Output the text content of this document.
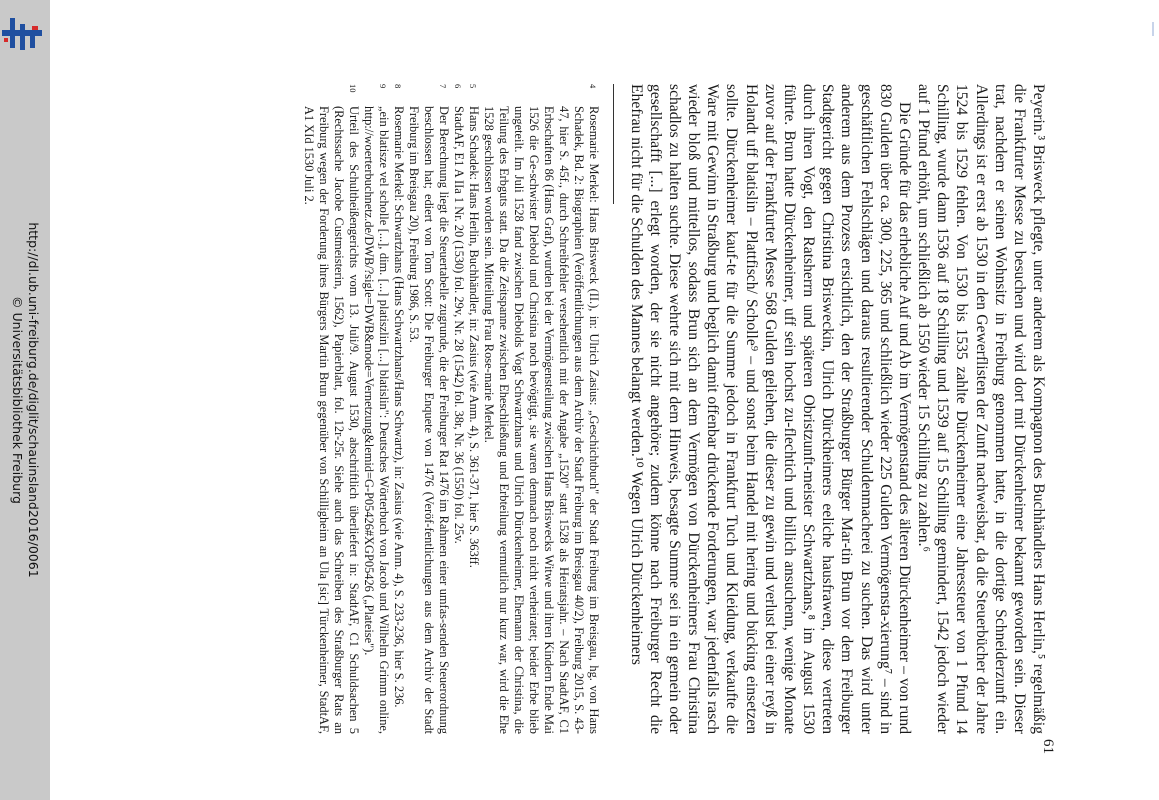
http://dl.ub.uni-freiburg.de/diglit/schauinsland2016/0061
© Universitätsbibliothek Freiburg
61

Peyerin.³ Brisweck pflegte, unter anderem als Kompagnon des Buchhändlers Hans Herlin,⁵ regelmäßig die Frankfurter Messe zu besuchen und wird dort mit Dürckenheimer bekannt geworden sein. Dieser trat, nachdem er seinen Wohnsitz in Freiburg genommen hatte, in die dortige Schneiderzunft ein. Allerdings ist er erst ab 1530 in den Gewerflisten der Zunft nachweisbar, da die Steuerbücher der Jahre 1524 bis 1529 fehlen. Von 1530 bis 1535 zahlte Dürckenheimer eine Jahressteuer von 1 Pfund 14 Schilling, wurde dann 1536 auf 18 Schilling und 1539 auf 15 Schilling gemindert, 1542 jedoch wieder auf 1 Pfund erhöht, um schließlich ab 1550 wieder 15 Schilling zu zahlen.⁶

Die Gründe für das erhebliche Auf und Ab im Vermögenstand des älteren Dürckenheimer – von rund 830 Gulden über ca. 300, 225, 365 und schließlich wieder 225 Gulden Vermögensta-xierung⁷ – sind in geschäftlichen Fehlschlägen und daraus resultierender Schuldenmacherei zu suchen. Das wird unter anderem aus dem Prozess ersichtlich, den der Straßburger Bürger Mar-tin Brun vor dem Freiburger Stadtgericht gegen Christina Brisweckin, Ulrich Dürckheimers eeliche hausfrawen, diese vertreten durch ihren Vogt, den Ratsherrn und späteren Obristzunft-meister Schwartzhans,⁸ im August 1530 führte. Brun hatte Dürckenheimer, uff sein hochst zu-flechtich und billich ansuchenn, wenige Monate zuvor auf der Frankfurter Messe 568 Gulden geliehen, die dieser zu gewin und verlust bei einer reyß in Holandt uff blatislin – Plattfisch/ Scholle⁹ – und sonst beim Handel mit hering und bücking einsetzen sollte. Dürckenheimer kauf-te für die Summe jedoch in Frankfurt Tuch und Kleidung, verkaufte die Ware mit Gewinn in Straßburg und beglich damit offenbar drückende Forderungen, war jedenfalls rasch wieder bloß und mittellos, sodass Brun sich an dem Vermögen von Dürckenheimers Frau Christina schadlos zu halten suchte. Diese wehrte sich mit dem Hinweis, besagte Summe sei in ein gemein oder gesellschafft [...] erlegt worden, der sie nicht angehöre; zudem könne nach Freiburger Recht die Ehefrau nicht für die Schulden des Mannes belangt werden.¹⁰ Wegen Ulrich Dürckenheimers

4
Rosemarie Merkel: Hans Brisweck (II.), in: Ulrich Zasius: „Geschichtbuch" der Stadt Freiburg im Breisgau, hg. von Hans Schadek, Bd. 2: Biographien (Veröffentlichungen aus dem Archiv der Stadt Freiburg im Breisgau 40/2), Freiburg 2015, S. 43-47, hier S. 45f., durch Schreibfehler versehentlich mit der Angabe „1520" statt 1528 als Heiratsjahr. – Nach StadtAF, C1 Erbschaften 86 (Hans Graf), wurden bei der Vermögensteilung zwischen Hans Briswecks Witwe und ihren Kindern Ende Mai 1526 die Ge-schwister Diebold und Christina noch bevögtigt, sie waren demnach noch nicht verheiratet; beider Erbe blieb ungeteilt. Im Juli 1528 fand zwischen Diebolds Vogt Schwartzhans und Ulrich Dürckenheimer, Ehemann der Christina, die Teilung des Erbguts statt. Da die Zeitspanne zwischen Eheschließung und Erbteilung vermutlich nur kurz war, wird die Ehe 1528 geschlossen worden sein. Mitteilung Frau Rose-marie Merkel.

5
Hans Schadek: Hans Herlin, Buchhändler, in: Zasius (wie Anm. 4), S. 361-371, hier S. 363ff.

6
StadtAF, E1 A IIa 1 Nr. 20 (1530) fol. 29v, Nr. 28 (1542) fol. 38r, Nr. 36 (1550) fol. 25v.

7
Der Berechnung liegt die Steuertabelle zugrunde, die der Freiburger Rat 1476 im Rahmen einer umfas-senden Steuerordnung beschlossen hat; ediert von Tom Scott: Die Freiburger Enquete von 1476 (Veröf-fentlichungen aus dem Archiv der Stadt Freiburg im Breisgau 20), Freiburg 1986, S. 53.

8
Rosemarie Merkel: Schwartzhans (Hans Schwartzhans/Hans Schwartz), in: Zasius (wie Anm. 4), S. 233-236, hier S. 236.

9
„ein blatisze vel scholle [...], dim. [...] platiszlin [...] blatislin": Deutsches Wörterbuch von Jacob und Wilhelm Grimm online, http://woerterbuchnetz.de/DWB/?sigle=DWB&mode=Vernetzung&lemid=G-P05426#XGP05426 („Plateise").

10
Urteil des Schultheißengerichts vom 13. Juli/9. August 1530, abschriftlich überliefert in: StadtAF, C1 Schuldsachen 5 (Rechtssache Jacobe Custmeisterin, 1562), Papierblatt, fol. 12r-25r. Siehe auch das Schreiben des Straßburger Rats an Freiburg wegen der Forderung ihres Bürgers Martin Brun gegenüber von Schilligheim an Ula [sic] Türckenheimer, StadtAF, A1 XId 1530 Juli 2.
